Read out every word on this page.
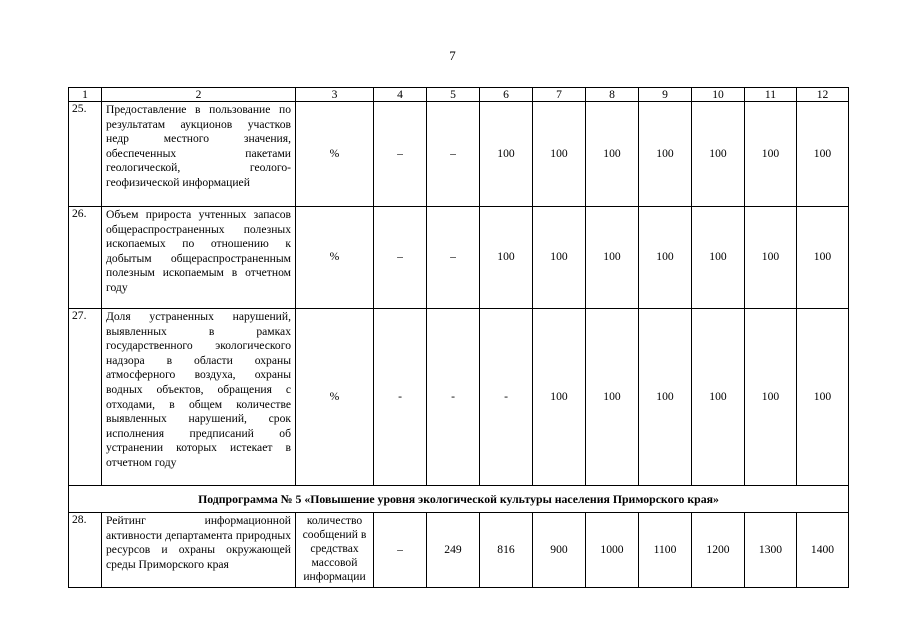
7
1	2	3	4	5	6	7	8	9	10	11	12
25.	Предоставление в пользование по результатам аукционов участков недр местного значения, обеспеченных пакетами геологической, геолого-геофизической информацией	%	–	–	100	100	100	100	100	100	100
26.	Объем прироста учтенных запасов общераспространенных полезных ископаемых по отношению к добытым общераспространенным полезным ископаемым в отчетном году	%	–	–	100	100	100	100	100	100	100
27.	Доля устраненных нарушений, выявленных в рамках государственного экологического надзора в области охраны атмосферного воздуха, охраны водных объектов, обращения с отходами, в общем количестве выявленных нарушений, срок исполнения предписаний об устранении которых истекает в отчетном году	%	-	-	-	100	100	100	100	100	100
Подпрограмма № 5 «Повышение уровня экологической культуры населения Приморского края»											
28.	Рейтинг информационной активности департамента природных ресурсов и охраны окружающей среды Приморского края	количество сообщений в средствах массовой информации	–	249	816	900	1000	1100	1200	1300	1400
